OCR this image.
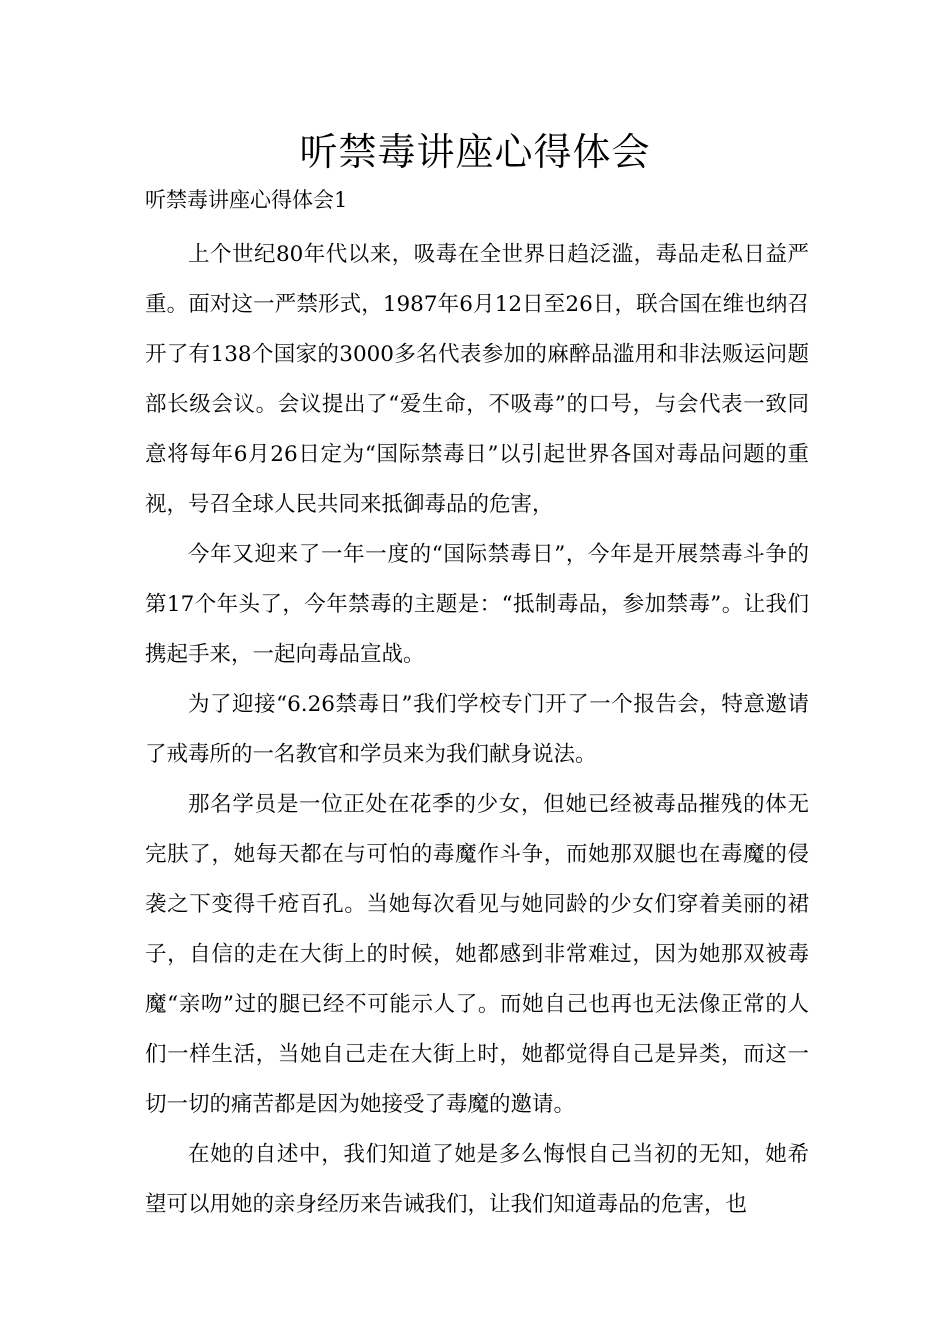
听禁毒讲座心得体会
听禁毒讲座心得体会1

上个世纪80年代以来，吸毒在全世界日趋泛滥，毒品走私日益严重。面对这一严禁形式，1987年6月12日至26日，联合国在维也纳召开了有138个国家的3000多名代表参加的麻醉品滥用和非法贩运问题部长级会议。会议提出了“爱生命，不吸毒”的口号，与会代表一致同意将每年6月26日定为“国际禁毒日”以引起世界各国对毒品问题的重视，号召全球人民共同来抵御毒品的危害，

今年又迎来了一年一度的“国际禁毒日”，今年是开展禁毒斗争的第17个年头了，今年禁毒的主题是：“抵制毒品，参加禁毒”。让我们携起手来，一起向毒品宣战。

为了迎接“6.26禁毒日”我们学校专门开了一个报告会，特意邀请了戒毒所的一名教官和学员来为我们献身说法。

那名学员是一位正处在花季的少女，但她已经被毒品摧残的体无完肤了，她每天都在与可怕的毒魔作斗争，而她那双腿也在毒魔的侵袭之下变得千疮百孔。当她每次看见与她同龄的少女们穿着美丽的裙子，自信的走在大街上的时候，她都感到非常难过，因为她那双被毒魔“亲吻”过的腿已经不可能示人了。而她自己也再也无法像正常的人们一样生活，当她自己走在大街上时，她都觉得自己是异类，而这一切一切的痛苦都是因为她接受了毒魔的邀请。

在她的自述中，我们知道了她是多么悔恨自己当初的无知，她希望可以用她的亲身经历来告诫我们，让我们知道毒品的危害，也
